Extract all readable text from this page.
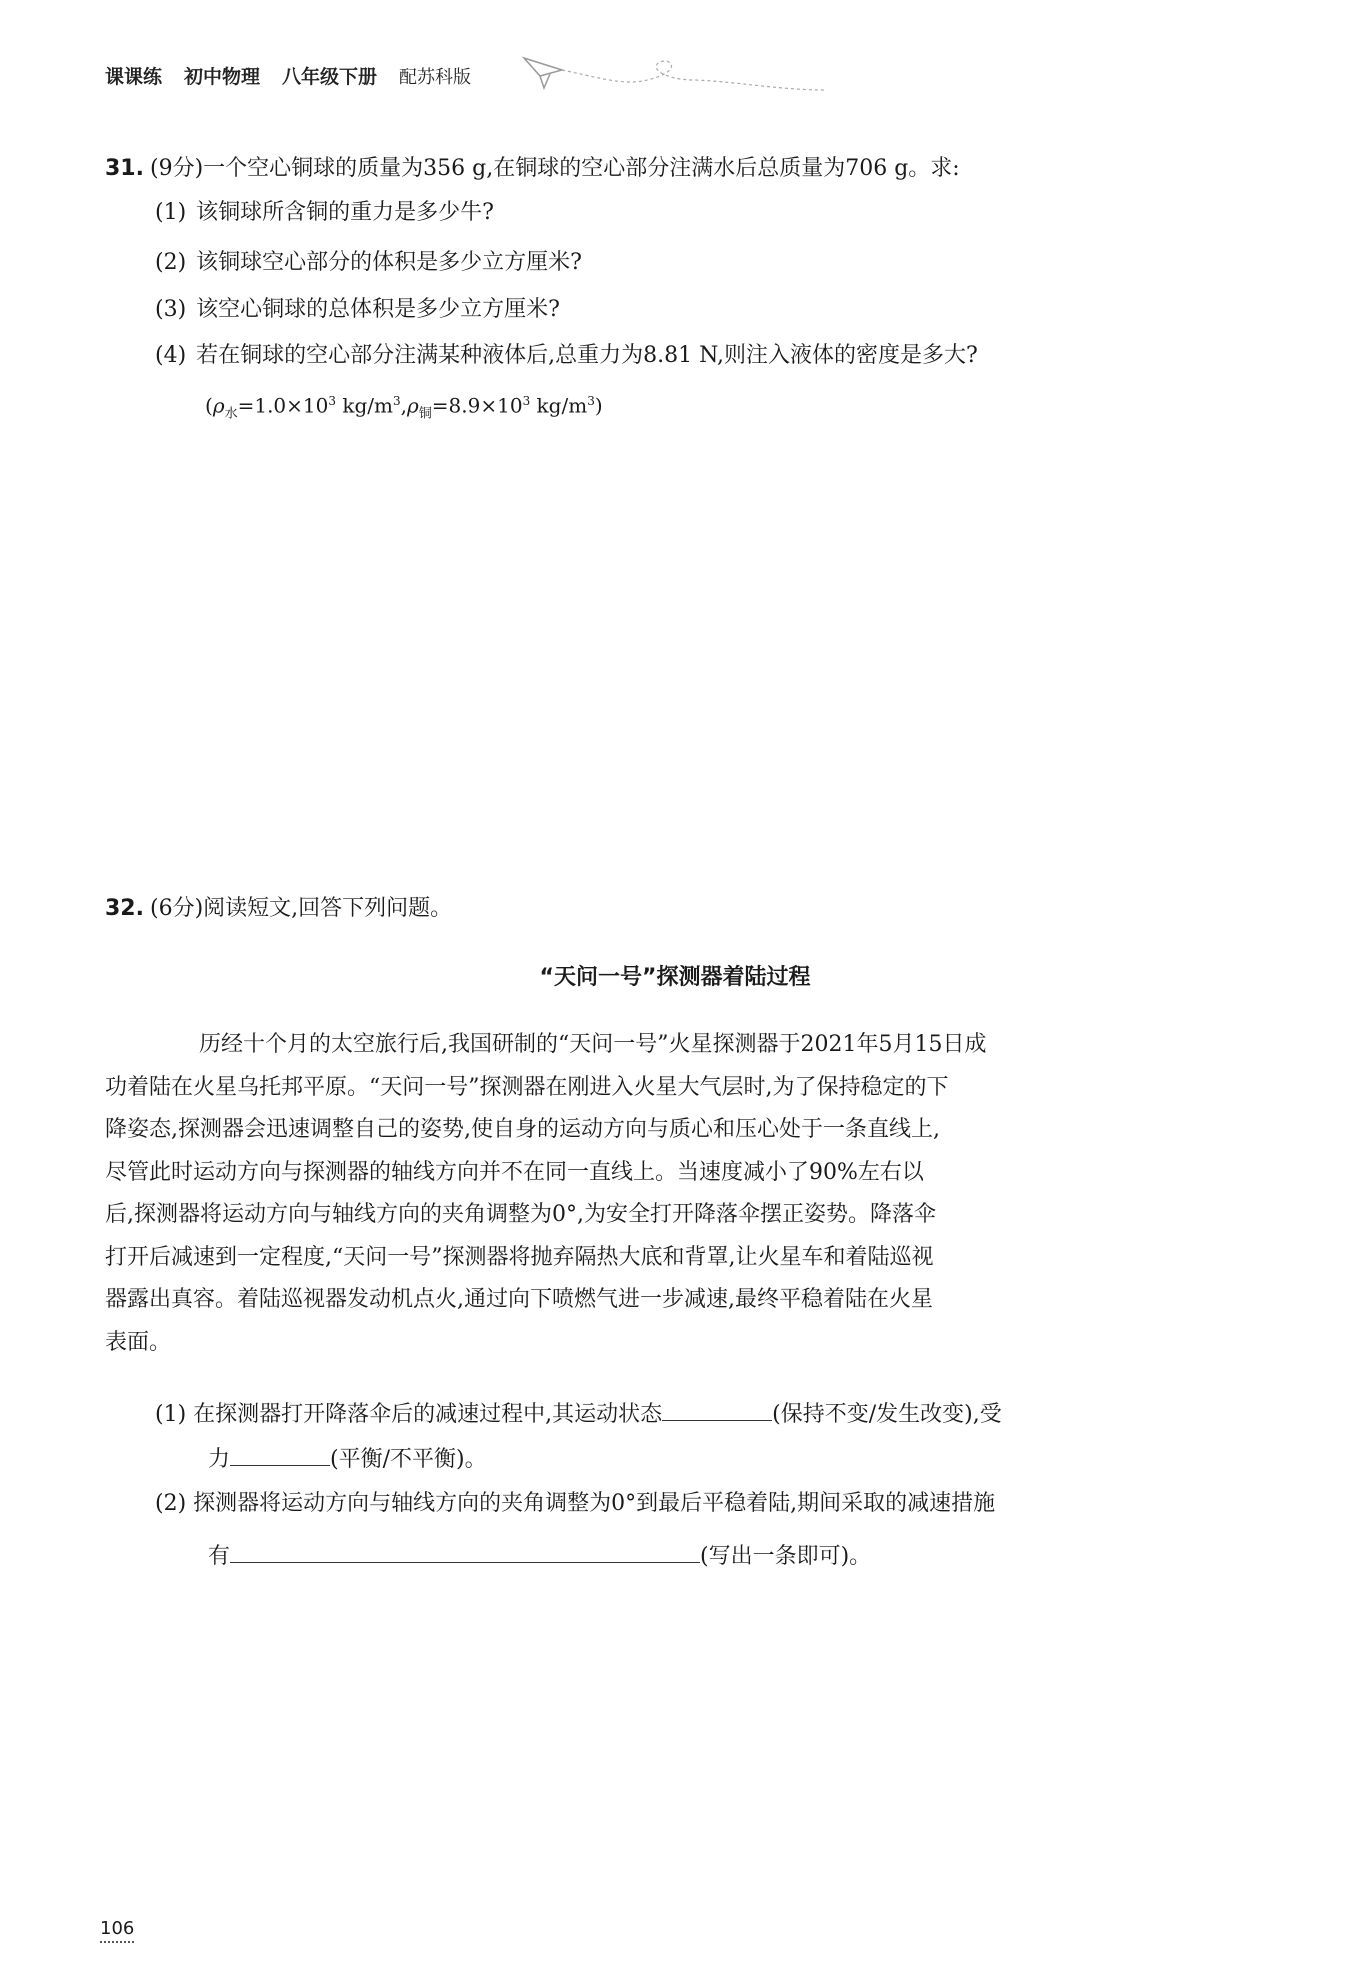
课课练 初中物理 八年级下册 配苏科版
31. (9分)一个空心铜球的质量为356 g,在铜球的空心部分注满水后总质量为706 g。求:
(1) 该铜球所含铜的重力是多少牛?
(2) 该铜球空心部分的体积是多少立方厘米?
(3) 该空心铜球的总体积是多少立方厘米?
(4) 若在铜球的空心部分注满某种液体后,总重力为8.81 N,则注入液体的密度是多大?
($\rho_水=1.0\times 10^3$ $kg/m^3,\rho_铜=8.9\times 10^3$ $kg/m^3$)
32. (6分)阅读短文,回答下列问题。
“天问一号”探测器着陆过程
　　历经十个月的太空旅行后,我国研制的“天问一号”火星探测器于2021年5月15日成
功着陆在火星乌托邦平原。“天问一号”探测器在刚进入火星大气层时,为了保持稳定的下
降姿态,探测器会迅速调整自己的姿势,使自身的运动方向与质心和压心处于一条直线上,
尽管此时运动方向与探测器的轴线方向并不在同一直线上。当速度减小了90%左右以
后,探测器将运动方向与轴线方向的夹角调整为0°,为安全打开降落伞摆正姿势。降落伞
打开后减速到一定程度,“天问一号”探测器将抛弃隔热大底和背罩,让火星车和着陆巡视
器露出真容。着陆巡视器发动机点火,通过向下喷燃气进一步减速,最终平稳着陆在火星
表面。
(1) 在探测器打开降落伞后的减速过程中,其运动状态	(保持不变/发生改变),受
力	(平衡/不平衡)。
(2) 探测器将运动方向与轴线方向的夹角调整为0°到最后平稳着陆,期间采取的减速措施
有	(写出一条即可)。
106
